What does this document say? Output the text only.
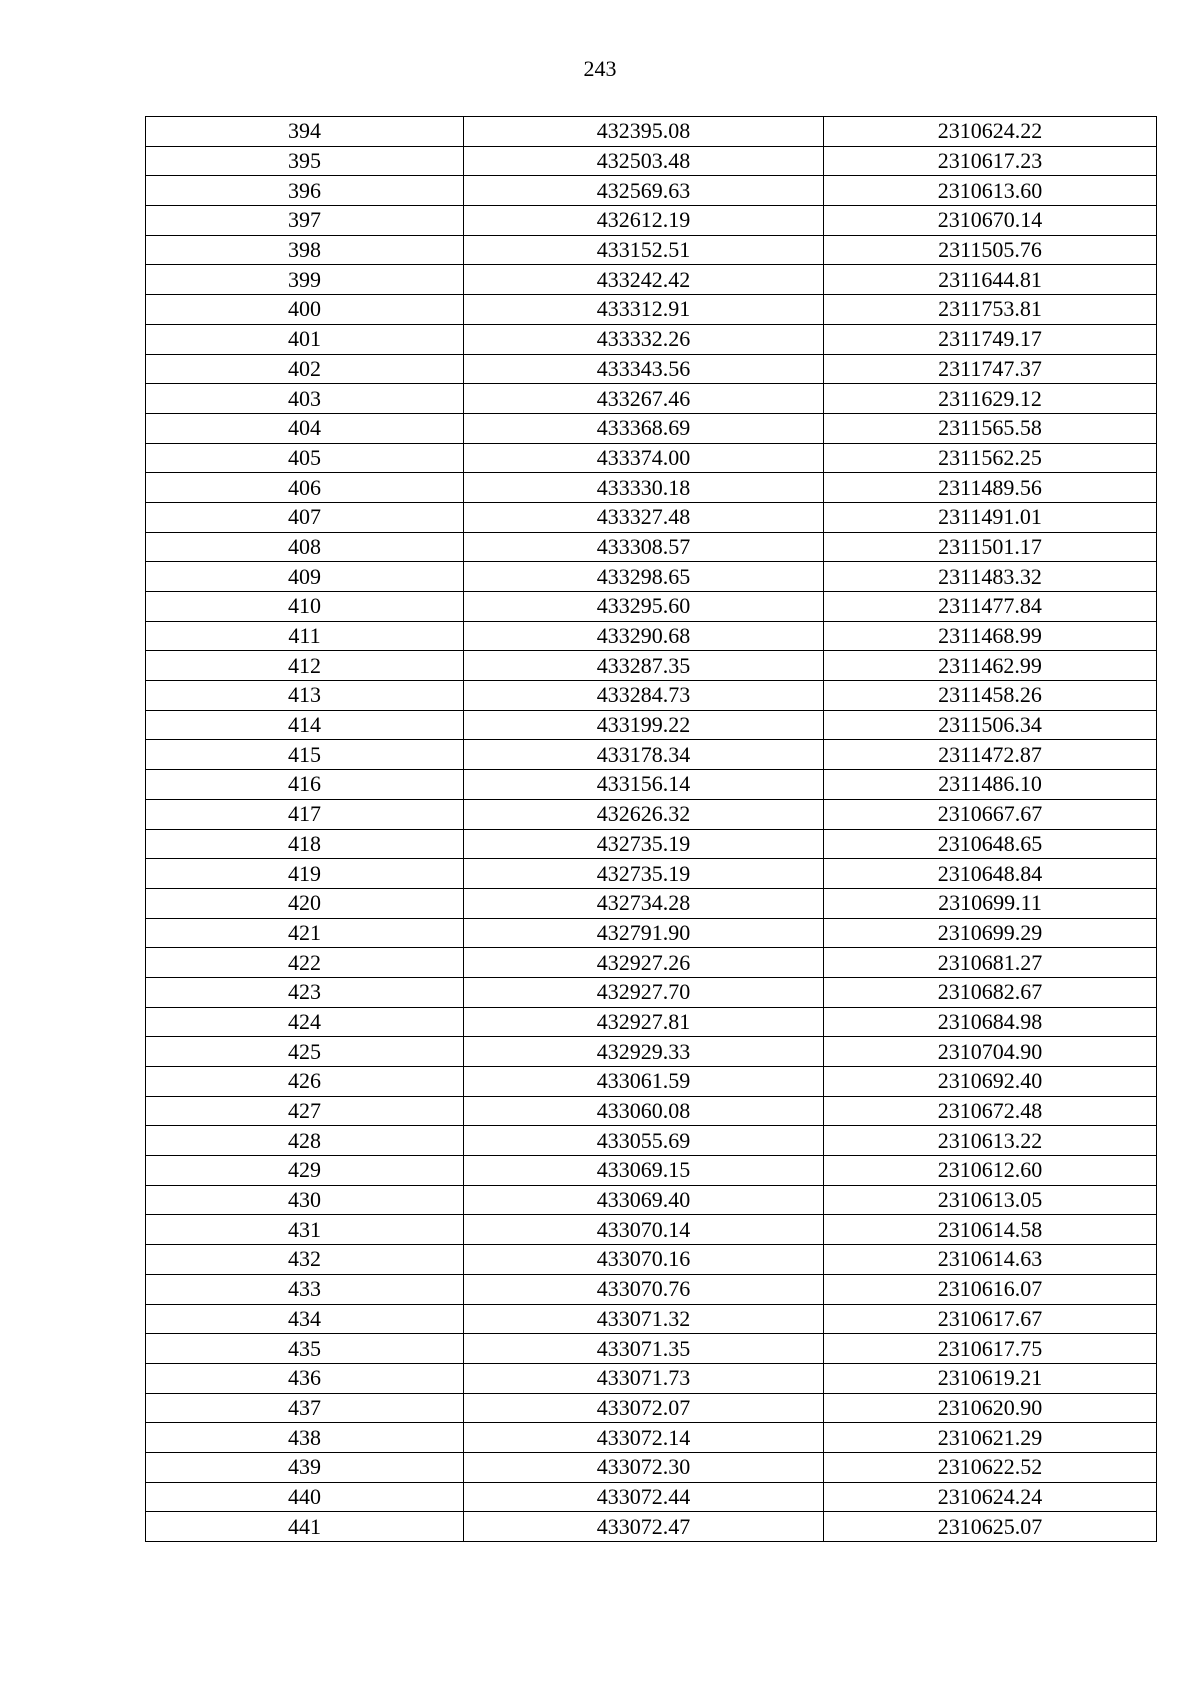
243
394	432395.08	2310624.22
395	432503.48	2310617.23
396	432569.63	2310613.60
397	432612.19	2310670.14
398	433152.51	2311505.76
399	433242.42	2311644.81
400	433312.91	2311753.81
401	433332.26	2311749.17
402	433343.56	2311747.37
403	433267.46	2311629.12
404	433368.69	2311565.58
405	433374.00	2311562.25
406	433330.18	2311489.56
407	433327.48	2311491.01
408	433308.57	2311501.17
409	433298.65	2311483.32
410	433295.60	2311477.84
411	433290.68	2311468.99
412	433287.35	2311462.99
413	433284.73	2311458.26
414	433199.22	2311506.34
415	433178.34	2311472.87
416	433156.14	2311486.10
417	432626.32	2310667.67
418	432735.19	2310648.65
419	432735.19	2310648.84
420	432734.28	2310699.11
421	432791.90	2310699.29
422	432927.26	2310681.27
423	432927.70	2310682.67
424	432927.81	2310684.98
425	432929.33	2310704.90
426	433061.59	2310692.40
427	433060.08	2310672.48
428	433055.69	2310613.22
429	433069.15	2310612.60
430	433069.40	2310613.05
431	433070.14	2310614.58
432	433070.16	2310614.63
433	433070.76	2310616.07
434	433071.32	2310617.67
435	433071.35	2310617.75
436	433071.73	2310619.21
437	433072.07	2310620.90
438	433072.14	2310621.29
439	433072.30	2310622.52
440	433072.44	2310624.24
441	433072.47	2310625.07
